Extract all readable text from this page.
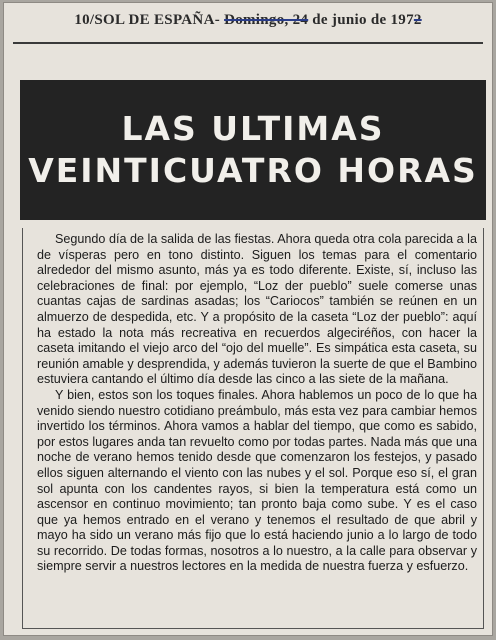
10/SOL DE ESPAÑA- Domingo, 24 de junio de 1972
LAS ULTIMAS
VEINTICUATRO HORAS

Segundo día de la salida de las fiestas. Ahora queda otra cola parecida a la de vísperas pero en tono distinto. Siguen los temas para el comentario alrededor del mismo asunto, más ya es todo diferente. Existe, sí, incluso las celebraciones de final: por ejemplo, “Loz der pueblo” suele comerse unas cuantas cajas de sardinas asadas; los “Cariocos” también se reúnen en un almuerzo de despedida, etc. Y a propósito de la caseta “Loz der pueblo”: aquí ha estado la nota más recreativa en recuerdos algeciréños, con hacer la caseta imitando el viejo arco del “ojo del muelle”. Es simpática esta caseta, su reunión amable y desprendida, y además tuvieron la suerte de que el Bambino estuviera cantando el último día desde las cinco a las siete de la mañana.

Y bien, estos son los toques finales. Ahora hablemos un poco de lo que ha venido siendo nuestro cotidiano preámbulo, más esta vez para cambiar hemos invertido los términos. Ahora vamos a hablar del tiempo, que como es sabido, por estos lugares anda tan revuelto como por todas partes. Nada más que una noche de verano hemos tenido desde que comenzaron los festejos, y pasado ellos siguen alternando el viento con las nubes y el sol. Porque eso sí, el gran sol apunta con los candentes rayos, si bien la temperatura está como un ascensor en continuo movimiento; tan pronto baja como sube. Y es el caso que ya hemos entrado en el verano y tenemos el resultado de que abril y mayo ha sido un verano más fijo que lo está haciendo junio a lo largo de todo su recorrido. De todas formas, nosotros a lo nuestro, a la calle para observar y siempre servir a nuestros lectores en la medida de nuestra fuerza y esfuerzo.
